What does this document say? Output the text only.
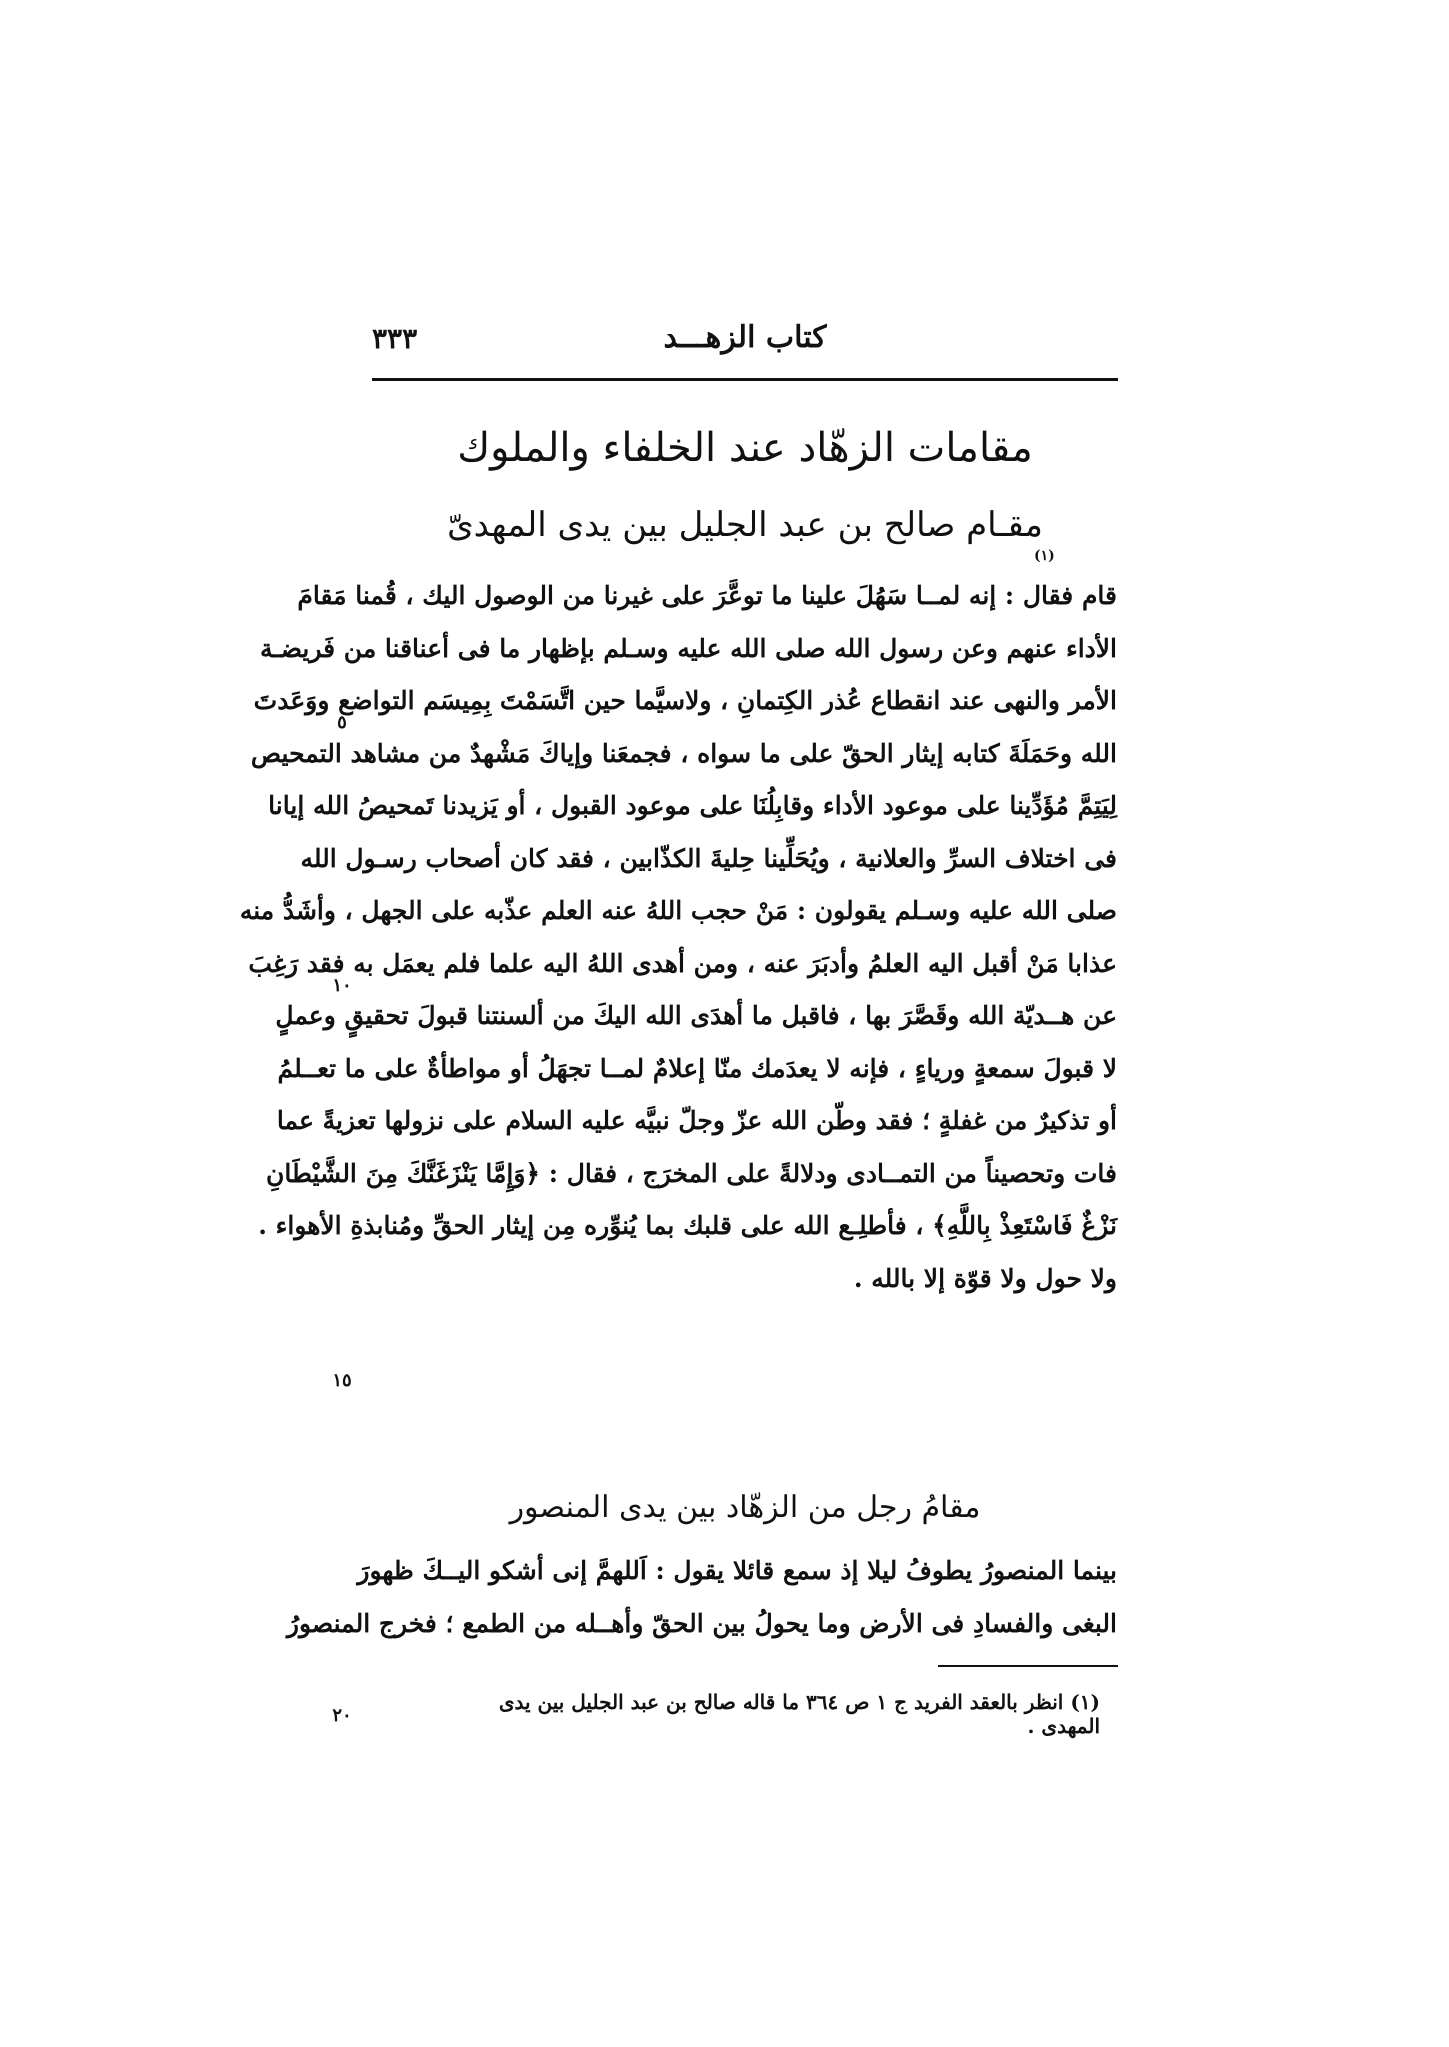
كتاب الزهـــد
٣٣٣
مقامات الزهّاد عند الخلفاء والملوك
مقـام صالح بن عبد الجليل بين يدى المهدىّ
(١)
قام فقال : إنه لمــا سَهُلَ علينا ما توعَّرَ على غيرنا من الوصول اليك ، قُمنا مَقامَ
الأداء عنهم وعن رسول الله صلى الله عليه وسـلم بإظهار ما فى أعناقنا من فَريضـة
الأمر والنهى عند انقطاع عُذر الكِتمانِ ، ولاسيَّما حين اتَّسَمْتَ بِمِيسَم التواضع ووَعَدتَ
الله وحَمَلَةَ كتابه إيثار الحقّ على ما سواه ، فجمعَنا وإياكَ مَشْهدٌ من مشاهد التمحيص
لِيَتِمَّ مُؤَدِّينا على موعود الأداء وقابِلُنَا على موعود القبول ، أو يَزيدنا تَمحيصُ الله إيانا
فى اختلاف السرِّ والعلانية ، ويُحَلِّينا حِليةَ الكذّابين ، فقد كان أصحاب رسـول الله
صلى الله عليه وسـلم يقولون : مَنْ حجب اللهُ عنه العلم عذّبه على الجهل ، وأشَدُّ منه
عذابا مَنْ أقبل اليه العلمُ وأدبَرَ عنه ، ومن أهدى اللهُ اليه علما فلم يعمَل به فقد رَغِبَ
عن هــديّة الله وقَصَّرَ بها ، فاقبل ما أهدَى الله اليكَ من ألسنتنا قبولَ تحقيقٍ وعملٍ
لا قبولَ سمعةٍ ورياءٍ ، فإنه لا يعدَمك منّا إعلامٌ لمــا تجهَلُ أو مواطأةٌ على ما تعــلمُ
أو تذكيرٌ من غفلةٍ ؛ فقد وطّن الله عزّ وجلّ نبيَّه عليه السلام على نزولها تعزيةً عما
فات وتحصيناً من التمــادى ودلالةً على المخرَج ، فقال : ﴿وَإِمَّا يَنْزَغَنَّكَ مِنَ الشَّيْطَانِ
نَزْغٌ فَاسْتَعِذْ بِاللَّهِ﴾ ، فأطلِـع الله على قلبك بما يُنوِّره مِن إيثار الحقِّ ومُنابذةِ الأهواء .
ولا حول ولا قوّة إلا بالله .
مقامُ رجل من الزهّاد بين يدى المنصور
بينما المنصورُ يطوفُ ليلا إذ سمع قائلا يقول : اَللهمَّ إنى أشكو اليــكَ ظهورَ
البغى والفسادِ فى الأرض وما يحولُ بين الحقّ وأهــله من الطمع ؛ فخرج المنصورُ
(١) انظر بالعقد الفريد ج ١ ص ٣٦٤ ما قاله صالح بن عبد الجليل بين يدى المهدى .
٥
١٠
١٥
٢٠
